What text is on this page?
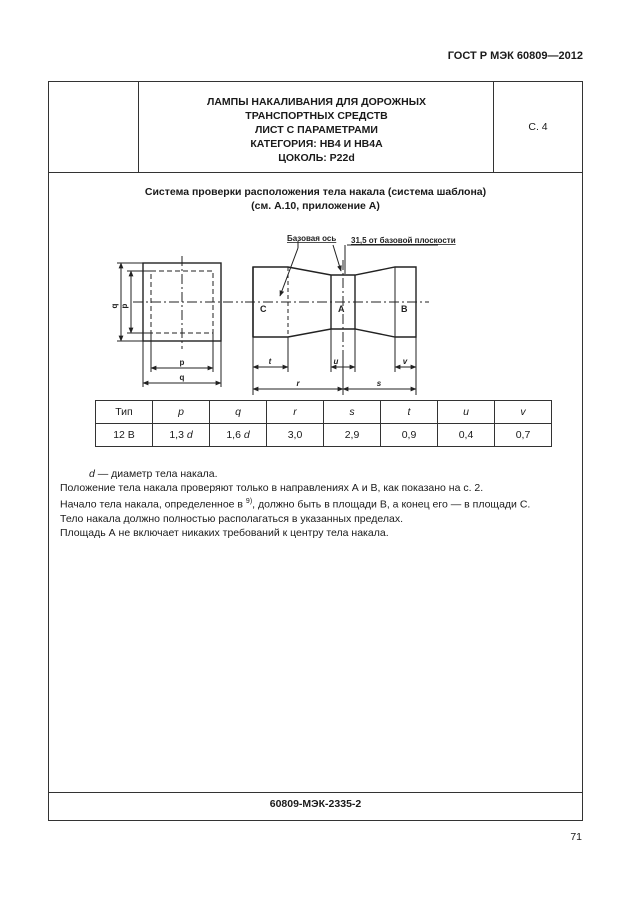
ГОСТ Р МЭК 60809—2012
ЛАМПЫ НАКАЛИВАНИЯ ДЛЯ ДОРОЖНЫХ
ТРАНСПОРТНЫХ СРЕДСТВ
ЛИСТ С ПАРАМЕТРАМИ
КАТЕГОРИЯ: НВ4 И НВ4А
ЦОКОЛЬ: P22d
С. 4
Система проверки расположения тела накала (система шаблона)
(см. А.10, приложение А)
q p
p
q
Базовая ось 31,5 от базовой плоскости
C	A	B
t	u	v
r	s
Тип	p	q	r	s	t	u	v
12 В	1,3 d	1,6 d	3,0	2,9	0,9	0,4	0,7

d — диаметр тела накала.

Положение тела накала проверяют только в направлениях А и В, как показано на с. 2.

Начало тела накала, определенное в $^{9)}$, должно быть в площади В, а конец его — в площади С.

Тело накала должно полностью располагаться в указанных пределах.

Площадь А не включает никаких требований к центру тела накала.

60809-МЭК-2335-2
71
